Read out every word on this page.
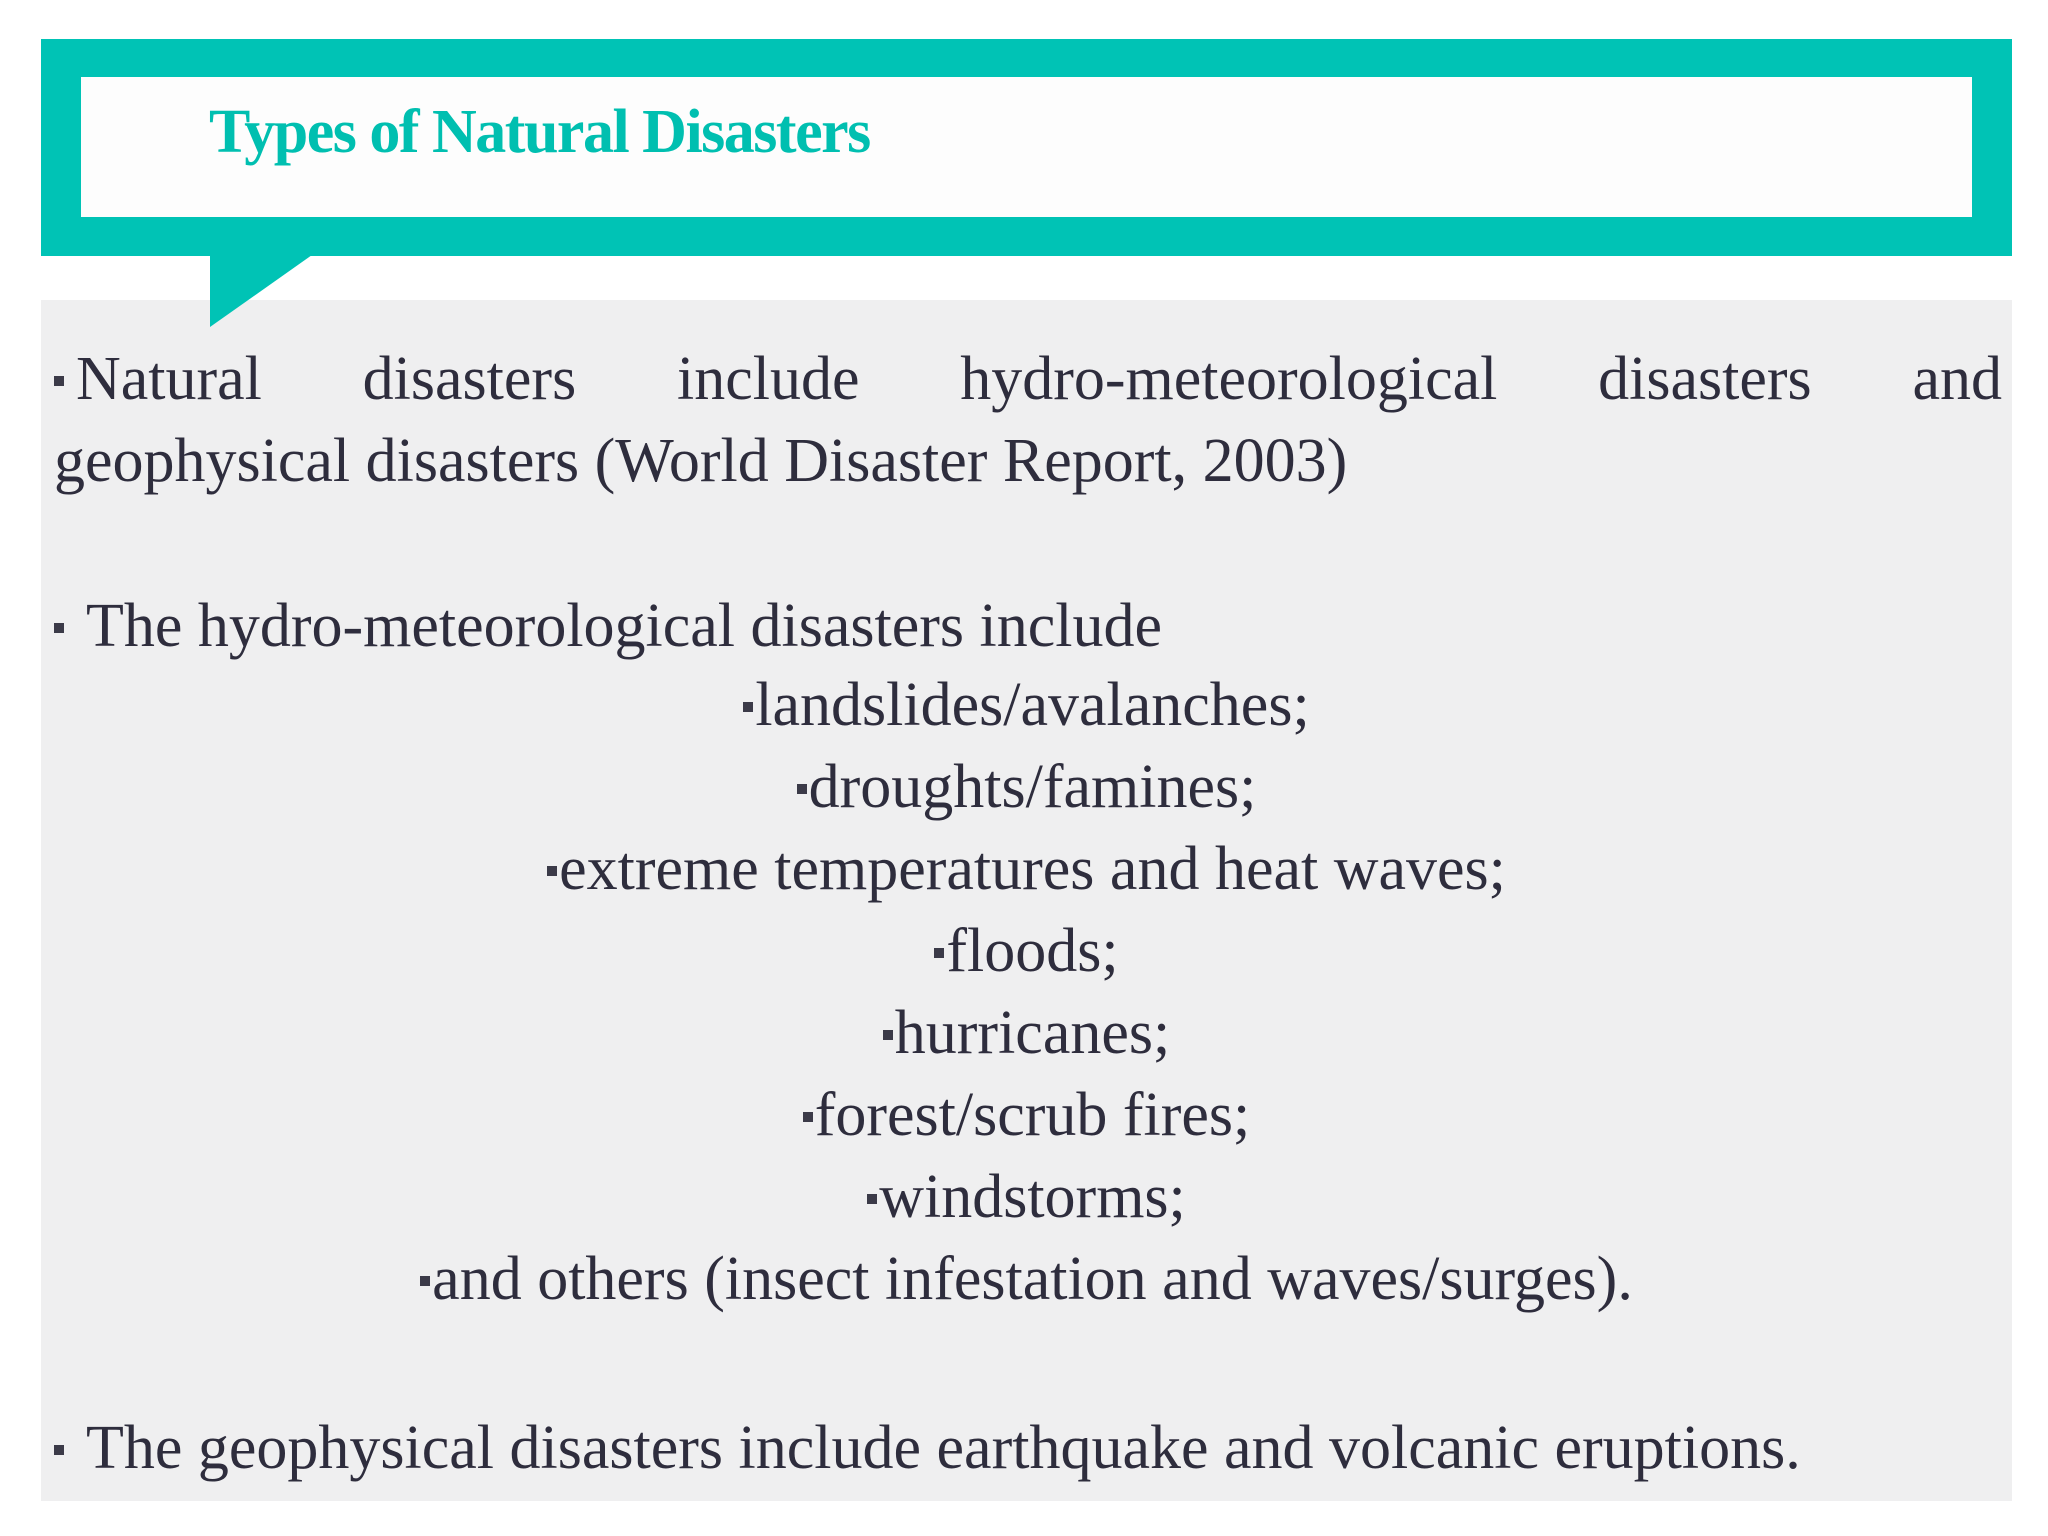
Types of Natural Disasters

Natural disasters include hydro-meteorological disasters and
geophysical disasters (World Disaster Report, 2003)

The hydro-meteorological disasters include

landslides/avalanches;
droughts/famines;
extreme temperatures and heat waves;
floods;
hurricanes;
forest/scrub fires;
windstorms;
and others (insect infestation and waves/surges).

The geophysical disasters include earthquake and volcanic eruptions.
